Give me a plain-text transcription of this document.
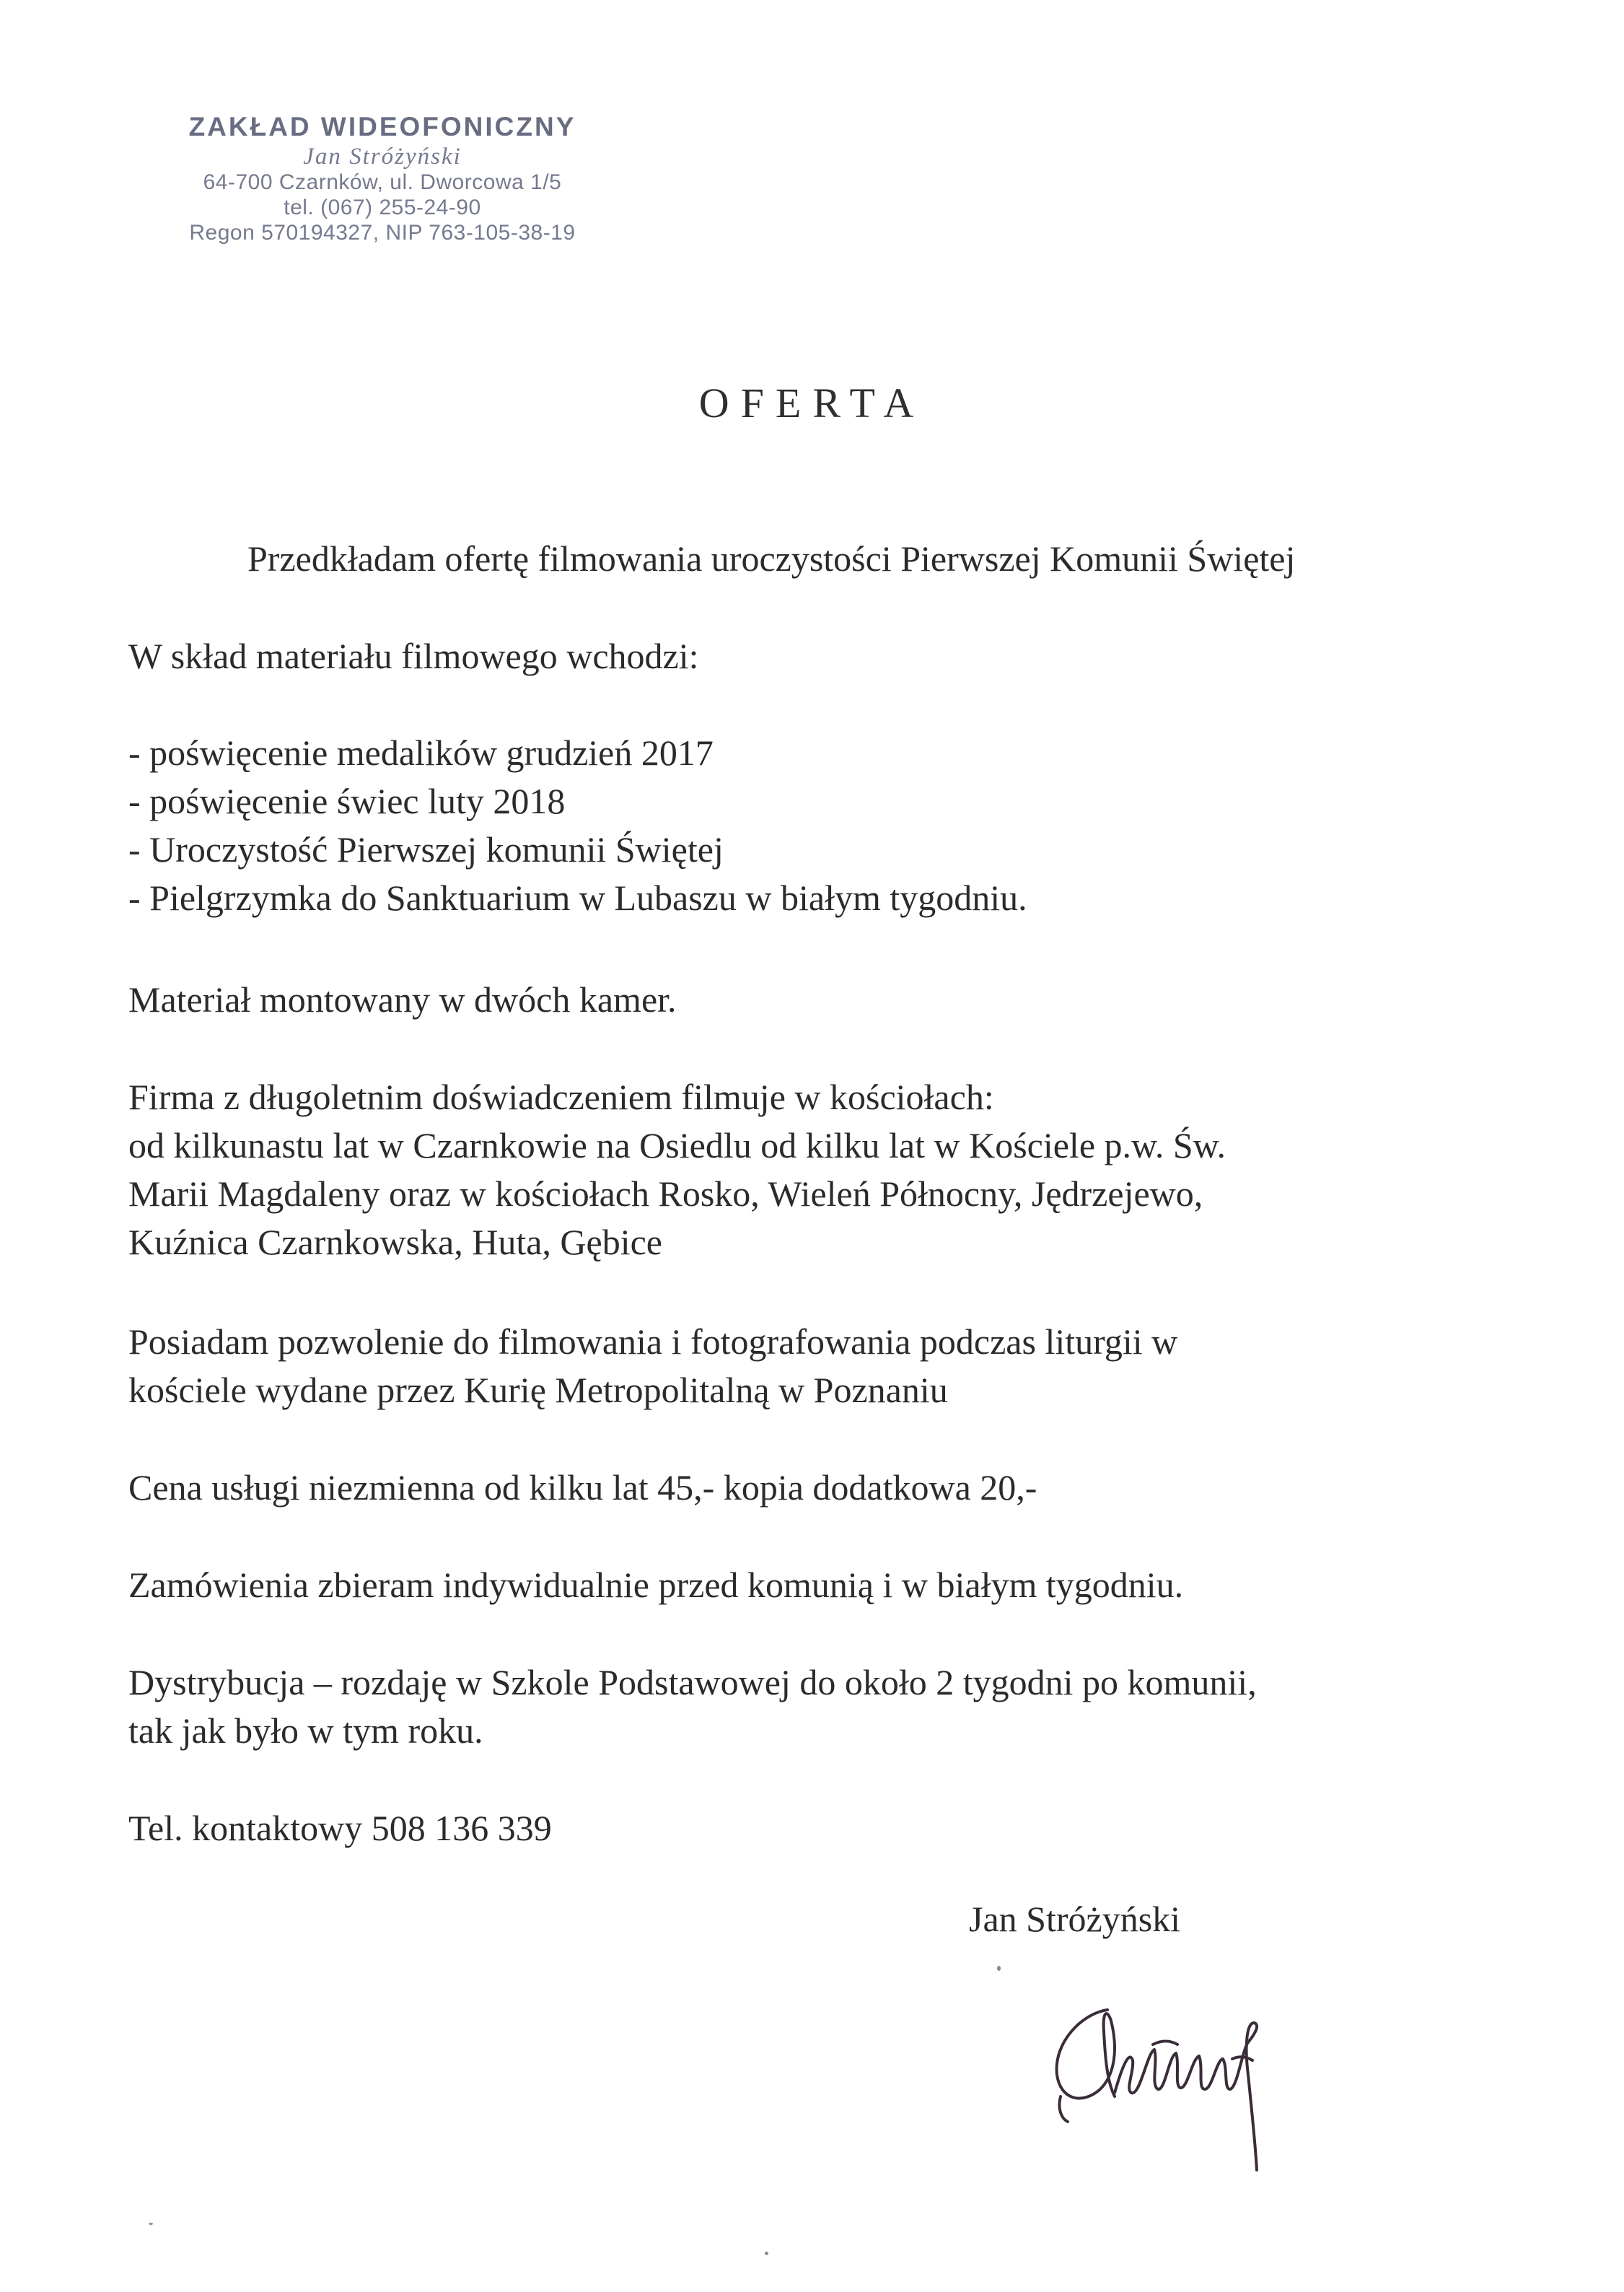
ZAKŁAD WIDEOFONICZNY
Jan Stróżyński
64-700 Czarnków, ul. Dworcowa 1/5
tel. (067) 255-24-90
Regon 570194327, NIP 763-105-38-19
OFERTA
Przedkładam ofertę filmowania uroczystości Pierwszej Komunii Świętej
W skład materiału filmowego wchodzi:
- poświęcenie medalików grudzień 2017
- poświęcenie świec luty 2018
- Uroczystość Pierwszej komunii Świętej
- Pielgrzymka do Sanktuarium w Lubaszu w białym tygodniu.
Materiał montowany w dwóch kamer.
Firma z długoletnim doświadczeniem filmuje w kościołach:
od kilkunastu lat w Czarnkowie na Osiedlu od kilku lat w Kościele p.w. Św.
Marii Magdaleny oraz w kościołach Rosko, Wieleń Północny, Jędrzejewo,
Kuźnica Czarnkowska, Huta, Gębice
Posiadam pozwolenie do filmowania i fotografowania podczas liturgii w
kościele wydane przez Kurię Metropolitalną w Poznaniu
Cena usługi niezmienna od kilku lat 45,- kopia dodatkowa 20,-
Zamówienia zbieram indywidualnie przed komunią i w białym tygodniu.
Dystrybucja – rozdaję w Szkole Podstawowej do około 2 tygodni po komunii,
tak jak było w tym roku.
Tel. kontaktowy 508 136 339
Jan Stróżyński
